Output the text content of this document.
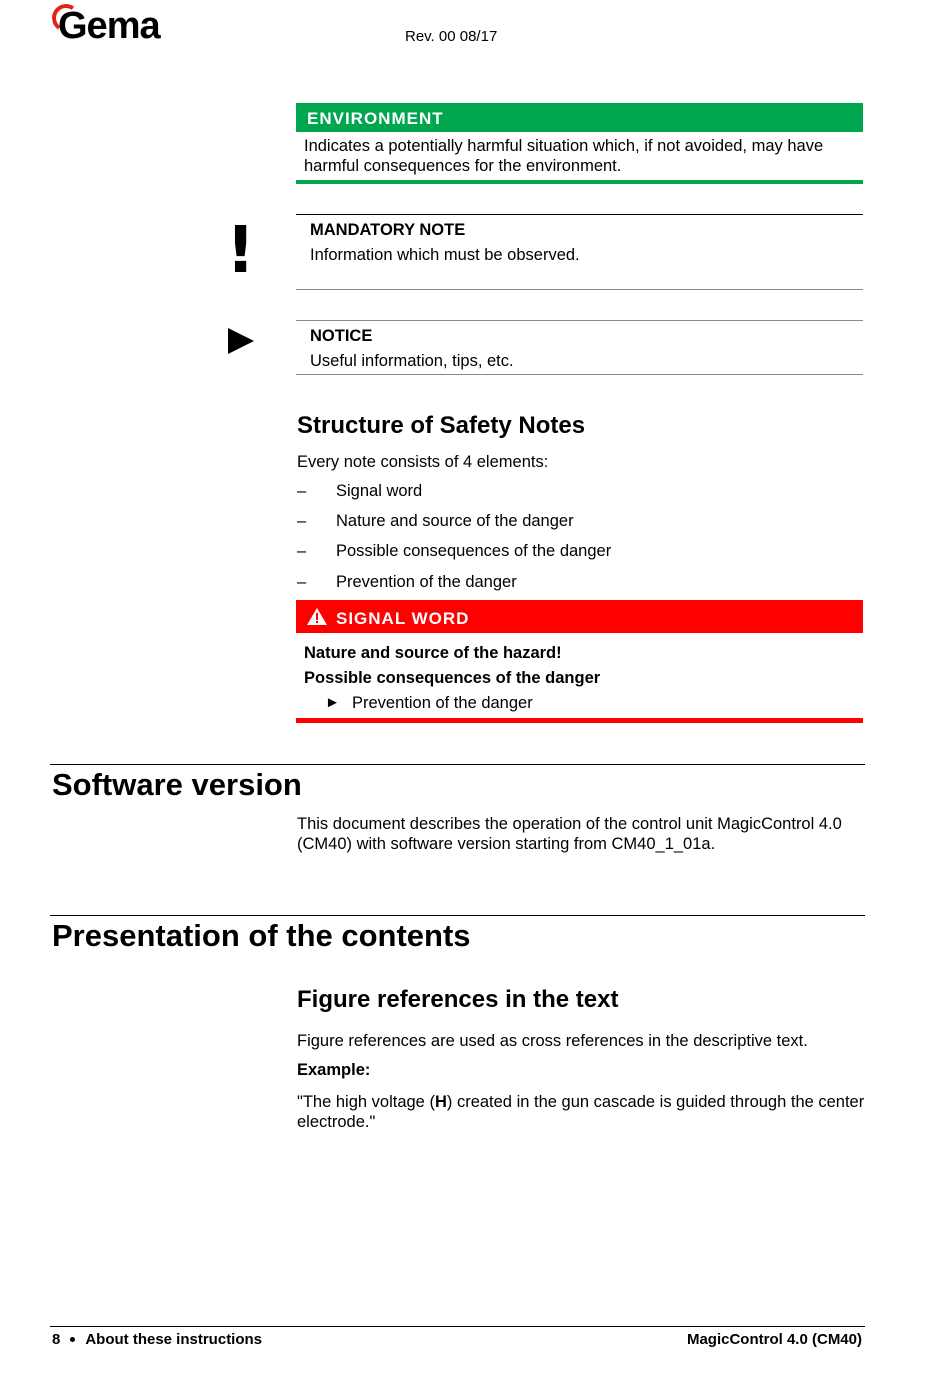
Gema	Rev. 00 08/17
ENVIRONMENT
Indicates a potentially harmful situation which, if not avoided, may have harmful consequences for the environment.
!	MANDATORY NOTE
Information which must be observed.
NOTICE
Useful information, tips, etc.
Structure of Safety Notes
Every note consists of 4 elements:
– Signal word
– Nature and source of the danger
– Possible consequences of the danger
– Prevention of the danger
SIGNAL WORD
Nature and source of the hazard!
Possible consequences of the danger
► Prevention of the danger
Software version
This document describes the operation of the control unit MagicControl 4.0 (CM40) with software version starting from CM40_1_01a.
Presentation of the contents
Figure references in the text
Figure references are used as cross references in the descriptive text.
Example:
"The high voltage (H) created in the gun cascade is guided through the center electrode."
8 About these instructions	MagicControl 4.0 (CM40)
